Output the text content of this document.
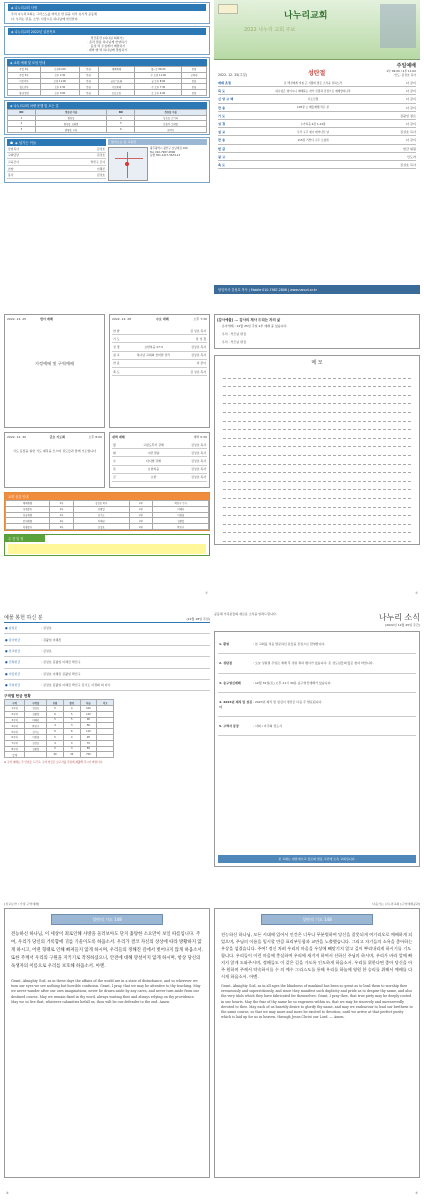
◈ 나누리교회 사명
우리 나누리교회는 그리스도를 머리로 한 몸을 이루 유기적 공동체
다. 우리는 믿음, 소망, 사랑으로 하나님께 헌신한다.
◈ 나누리교회 2022년 실천목표
경건훈련 (하나님 의뢰기)
· 온라 말씀 하나님께 찬양하기
· 동성 떡 주심에서 배함하기
· 새벽 엘 떡 하나님께 경청하기
◈ 교회 예배 및 모임 안내
주일 1부	오전11:00	본당	새벽예배	월~토 06:00	본당
주일 2부	오후 1:30	본당		수 오전 11:00	교육관
어린이부	오전 11:00	본당	금요기도회	금 오후 8:00	본당
청소년부	오후 1:30	본당	수요예배	수 오후 7:30	본당
청년/장년	오후 3:00	본당	토요모임	토 오후 2:00	본당
◈ 나누리교회 차량 운행 및 오는 길
NO	정류장 이름	NO	정류장 이름
1	광천동	4	동호동 오거리
2	광천동 교회앞	5	보통이 오회앞
3	광양동 시장	6	호박사
☗ ◈ 섬기는 이들
담임목사	김성호
교회담당	김성호
교육간사	박진구 간사
찬양	이혜진
봉사	김성호
찾아오는 길 교통편
광주광역시 광산구 호남대길 100
Tel. 010-7987-2806
농협 351-1217-5679-13
나누리교회
2022 나누리 교회 주보
2022. 12. 25(주일)	성탄절
주일예배
1부 09:00 / 2부 11:00
인도: 김성호 목사
예배 초청	온 백성에게 미칠 큰 기쁨의 좋은 소식을 전하노라	다 같이
묵 도	하나님은 영이시니 예배하는 자가 신령과 진정으로 예배할지니라	다 같이
신 앙 고 백	사도신경	다 같이
찬 송	105장 오 베들레헴 작은 골	다 같이
기 도	김광일 장로
성 경	누가복음 2장 1-14절	다 같이
설 교	우리 구주 예수 태어나신 날	김성호 목사
찬 송	115장 기쁘다 구주 오셨네	다 같이
헌 금	헌금 위원
광 고	인도자
축 도	김성호 목사
담임목사 김성호 목사 | Mobile 010-7987-2806 | www.nanuri.or.kr
2022. 12. 25	헌아 예배
가정예배 및 구역예배
2022. 12. 28	수요 예배	오후 7:30
찬 양	김 성호 목사
기 도	당 성 경
성 경	요한복음 17:3	김성호 목사
설 교	하나님 교회의 신비한 진리	김성호 목사
찬 송	다 같이
축 도	김 성호 목사
2022. 12. 30	금요 기도회	오후 8:00
기도 응답을 위한 기도 제목을 모으며 성도들과 함께 기도합니다
새벽 예배	새벽 5:30
월	고린도후서 강해	김성호 목사
화	시편 말씀	김성호 목사
수	다니엘 강해	김성호 목사
목	요한복음	김성호 목사
금	요한	김성호 목사
교회 섬김 안내
예배위원	1부	김성호 목사	2부	박진구 간사
성경봉독	1부	김광일	2부	이혜진
헌금위원	1부	김기도	2부	이경희
안내위원	1부	이혜진	2부	김광일
차량봉사	1부	김성호	2부	박진구
주 간 일 정
②
[감사예물] ... 감사의 제사 드리는 자의 삶
· 유아세례 : 12월 25일 주일 2부 예배 중 있습니다.
· 우리 : 부모님 편집
· 우리 : 부모님 편집
메 모
③
예물 봉헌 하신 분	(12월 18일 주일)
● 십일조	: 김성호
● 감사헌금	: 김광일 이혜진
● 선교헌금	: 김성호
● 건축헌금	: 김성호 김광일 이혜진 박진구
● 사랑헌금	: 김성호 이혜진 김광일 박진구
● 주일헌금	: 김성호 김광일 이혜진 박진구 김기도 이경희 외 다수
구역별 헌금 현황
구역	구역장	인원	출석	헌금	비고
1구역	김성호	5	4	100	
2구역	김광일	6	5	120	
3구역	이혜진	5	5	90	
4구역	박진구	4	3	80	
5구역	김기도	6	6	110	
6구역	이경희	5	4	95	
7구역	김성호	4	4	70	
8구역	김광일	5	3	85	
합계		40	34	750	
※ 구역 예배는 각 단위로 드리고, 구역 헌금은 보고서를 주일에 제출해 주시기 바랍니다.
공동체 가족분들의 새로운 소식을 알려드립니다.	나누리 소식
(2022년 12월 25일 주간)
1. 환영	: 본 교회를 처음 방문하신 분들을 진심으로 환영합니다.
2. 성탄절	: 오늘 성탄절 주일로 예배 후 성탄 축하 행사가 있습니다. 온 성도님들의 많은 참여 바랍니다.
3. 송구영신예배	: 12월 31일(토) 오후 11시 30분 송구영신예배가 있습니다.
4. 2023년 제직 및 섬김이
: 2023년 제직 및 섬김이 명단은 다음 주 발표됩니다.
5. 고액자 통장	: 사회 / 이주희 전도사
본 교회는 대한예수교 장로회 합동 교단에 소속 교회입니다.
[성교요약 / 가정 구역예배]
성탄의 기도 148
전능하신 하나님, 이 세상이 죄로인해 사방을 둘러보아도 단지 흙탕한 소요만이 보일 따름입니다. 주여, 우리가 당신의 거룩함에 귀를 기울이도록 하옵소서. 우리가 결코 자신의 상상에 따라 방황하지 않게 하시고, 어떤 형태로 인해 빠져들지 않게 하시며, 우리들의 정해진 길에서 벗어나지 않게 하옵소서. 또한 주께서 우리의 구원을 지키기로 작정하셨으니, 안전에 대해 망설이지 않게 하시며, 항상 당신의 독생자의 이름으로 우리를 보호해 하옵소서. 아멘.
Grant, Almighty God, as in these days the affairs of the world are in a state of disturbance, and so wherever we turn our eyes we see nothing but horrible confusion. Grant, I pray, that we may be attentive to thy teaching. May we never wander after our own imaginations, never be drawn aside by any cares, and never turn aside from our destined course. May we remain fixed in thy word, always waiting thee and always relying on thy providence. May we so live that, whatever calamities befall us, thou wilt be our defender to the end. Amen.
⑥
다음기는 나누리교회 [구역예배공과]
성탄의 기도 148
전능하신 하나님, 모든 시대에 있어서 인간은 너무나 무분별하여 당신을 잘못되게 여기리오로 예배하게 되었으며, 주님의 이름을 밀시할 만큼 표리부동함과 교만을 노출했습니다. 그리고 자기들의 소욕을 좋아하는 우상을 섬겼습니다. 주여! 정신 차려 우리의 마음을 우상에 빼앗기지 않고 깊이 뿌리내리게 하시기를 기도합니다. 우리들이 이런 마음에 충실하여 우리에 새겨져 하여서 선하신 주님의 하시며, 우리가 바라 앞에 빠지지 않게 도와주시며, 정해들도 이 같은 길을 가도록 인도하게 하옵소서. 우리를 위한다면 좋아 당신을 아주 원하며 주께서 약속하시를 수 의 예수 그리스도를 통해 우리를 하늘에 영원 한 승리를 위해서 예배를 다시게 하옵소서. 아멘.
Grant, Almighty God, as in all ages the blindness of mankind has been so great as to lead them to worship thee erroneously and superstitiously, and since they manifest such duplicity and pride as to despise thy name, and also the very idols which they have fabricated for themselves: Grant, I pray thee, that true piety may be deeply rooted in our hearts. May the fear of thy name be so engraven within us, that we may be sincerely and unreservedly devoted to thee. May each of us heartily desire to glorify thy name, and may we endeavour to lead our brethren to the same course, so that we may more and more be excited to devotion, until we arrive at that perfect purity which is laid up for us in heaven, through Jesus Christ our Lord. — Amen.
⑤
